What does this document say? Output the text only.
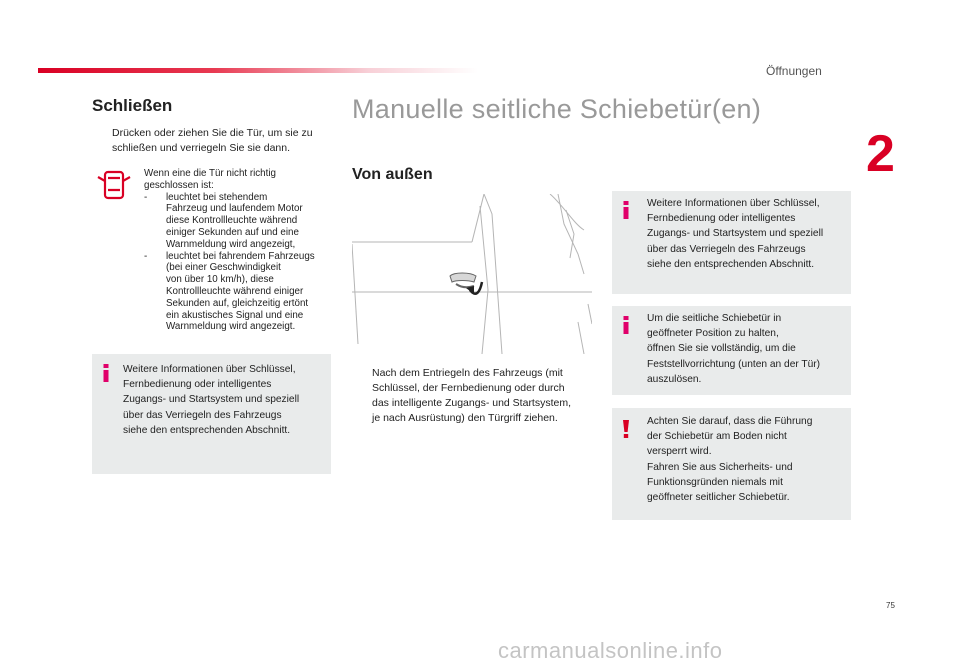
Öffnungen
2
Schließen
Drücken oder ziehen Sie die Tür, um sie zu
schließen und verriegeln Sie sie dann.
Wenn eine die Tür nicht richtig
geschlossen ist:
-	leuchtet bei stehendem
Fahrzeug und laufendem Motor
diese Kontrollleuchte während
einiger Sekunden auf und eine
Warnmeldung wird angezeigt,
-	leuchtet bei fahrendem Fahrzeugs
(bei einer Geschwindigkeit
von über 10 km/h), diese
Kontrollleuchte während einiger
Sekunden auf, gleichzeitig ertönt
ein akustisches Signal und eine
Warnmeldung wird angezeigt.
Weitere Informationen über Schlüssel,
Fernbedienung oder intelligentes
Zugangs- und Startsystem und speziell
über das Verriegeln des Fahrzeugs
siehe den entsprechenden Abschnitt.
Manuelle seitliche Schiebetür(en)
Von außen
Nach dem Entriegeln des Fahrzeugs (mit
Schlüssel, der Fernbedienung oder durch
das intelligente Zugangs- und Startsystem,
je nach Ausrüstung) den Türgriff ziehen.
Weitere Informationen über Schlüssel,
Fernbedienung oder intelligentes
Zugangs- und Startsystem und speziell
über das Verriegeln des Fahrzeugs
siehe den entsprechenden Abschnitt.
Um die seitliche Schiebetür in
geöffneter Position zu halten,
öffnen Sie sie vollständig, um die
Feststellvorrichtung (unten an der Tür)
auszulösen.
Achten Sie darauf, dass die Führung
der Schiebetür am Boden nicht
versperrt wird.
Fahren Sie aus Sicherheits- und
Funktionsgründen niemals mit
geöffneter seitlicher Schiebetür.
75
carmanualsonline.info
